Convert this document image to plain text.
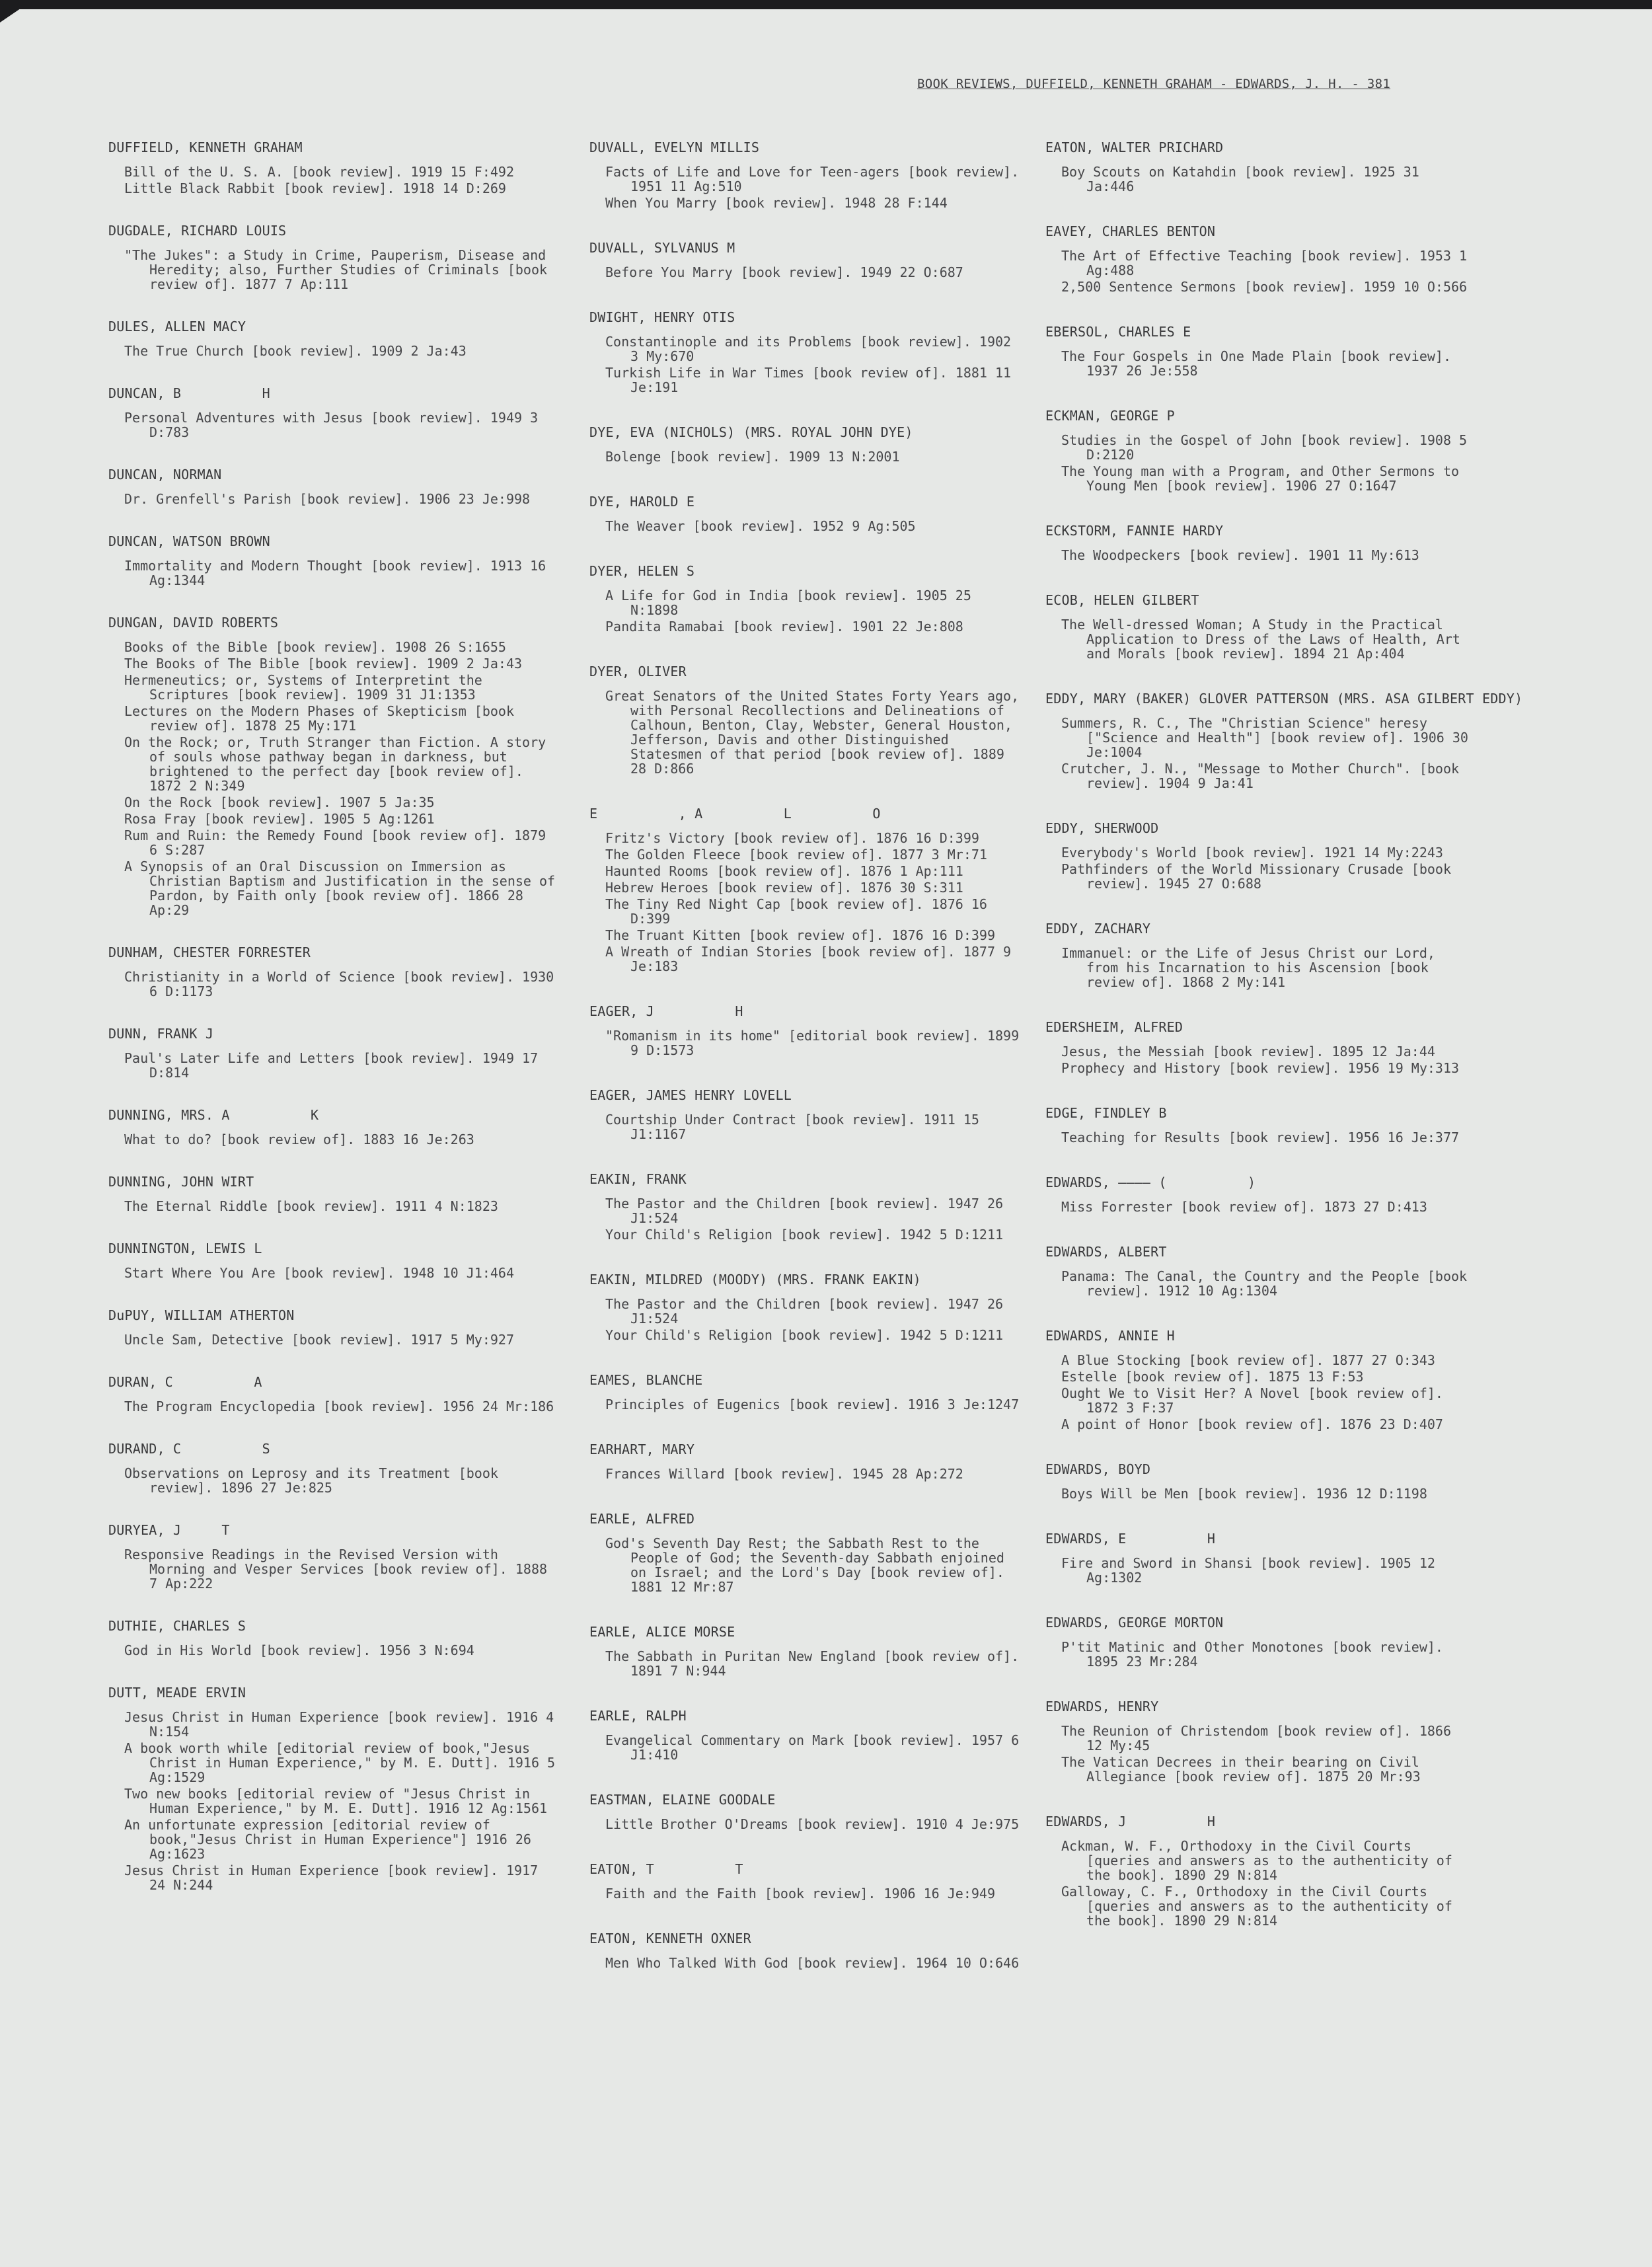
BOOK REVIEWS, DUFFIELD, KENNETH GRAHAM - EDWARDS, J. H. - 381
DUFFIELD, KENNETH GRAHAM
Bill of the U. S. A. [book review]. 1919 15 F:492
Little Black Rabbit [book review]. 1918 14 D:269
DUGDALE, RICHARD LOUIS
"The Jukes": a Study in Crime, Pauperism, Disease and Heredity; also, Further Studies of Criminals [book review of]. 1877 7 Ap:111
DULES, ALLEN MACY
The True Church [book review]. 1909 2 Ja:43
DUNCAN, B          H
Personal Adventures with Jesus [book review]. 1949 3 D:783
DUNCAN, NORMAN
Dr. Grenfell's Parish [book review]. 1906 23 Je:998
DUNCAN, WATSON BROWN
Immortality and Modern Thought [book review]. 1913 16 Ag:1344
DUNGAN, DAVID ROBERTS
Books of the Bible [book review]. 1908 26 S:1655
The Books of The Bible [book review]. 1909 2 Ja:43
Hermeneutics; or, Systems of Interpretint the Scriptures [book review]. 1909 31 J1:1353
Lectures on the Modern Phases of Skepticism [book review of]. 1878 25 My:171
On the Rock; or, Truth Stranger than Fiction. A story of souls whose pathway began in darkness, but brightened to the perfect day [book review of]. 1872 2 N:349
On the Rock [book review]. 1907 5 Ja:35
Rosa Fray [book review]. 1905 5 Ag:1261
Rum and Ruin: the Remedy Found [book review of]. 1879 6 S:287
A Synopsis of an Oral Discussion on Immersion as Christian Baptism and Justification in the sense of Pardon, by Faith only [book review of]. 1866 28 Ap:29
DUNHAM, CHESTER FORRESTER
Christianity in a World of Science [book review]. 1930 6 D:1173
DUNN, FRANK J
Paul's Later Life and Letters [book review]. 1949 17 D:814
DUNNING, MRS. A          K
What to do? [book review of]. 1883 16 Je:263
DUNNING, JOHN WIRT
The Eternal Riddle [book review]. 1911 4 N:1823
DUNNINGTON, LEWIS L
Start Where You Are [book review]. 1948 10 J1:464
DuPUY, WILLIAM ATHERTON
Uncle Sam, Detective [book review]. 1917 5 My:927
DURAN, C          A
The Program Encyclopedia [book review]. 1956 24 Mr:186
DURAND, C          S
Observations on Leprosy and its Treatment [book review]. 1896 27 Je:825
DURYEA, J     T
Responsive Readings in the Revised Version with Morning and Vesper Services [book review of]. 1888 7 Ap:222
DUTHIE, CHARLES S
God in His World [book review]. 1956 3 N:694
DUTT, MEADE ERVIN
Jesus Christ in Human Experience [book review]. 1916 4 N:154
A book worth while [editorial review of book,"Jesus Christ in Human Experience," by M. E. Dutt]. 1916 5 Ag:1529
Two new books [editorial review of "Jesus Christ in Human Experience," by M. E. Dutt]. 1916 12 Ag:1561
An unfortunate expression [editorial review of book,"Jesus Christ in Human Experience"] 1916 26 Ag:1623
Jesus Christ in Human Experience [book review]. 1917 24 N:244
DUVALL, EVELYN MILLIS
Facts of Life and Love for Teen-agers [book review]. 1951 11 Ag:510
When You Marry [book review]. 1948 28 F:144
DUVALL, SYLVANUS M
Before You Marry [book review]. 1949 22 O:687
DWIGHT, HENRY OTIS
Constantinople and its Problems [book review]. 1902 3 My:670
Turkish Life in War Times [book review of]. 1881 11 Je:191
DYE, EVA (NICHOLS) (MRS. ROYAL JOHN DYE)
Bolenge [book review]. 1909 13 N:2001
DYE, HAROLD E
The Weaver [book review]. 1952 9 Ag:505
DYER, HELEN S
A Life for God in India [book review]. 1905 25 N:1898
Pandita Ramabai [book review]. 1901 22 Je:808
DYER, OLIVER
Great Senators of the United States Forty Years ago, with Personal Recollections and Delineations of Calhoun, Benton, Clay, Webster, General Houston, Jefferson, Davis and other Distinguished Statesmen of that period [book review of]. 1889 28 D:866
E          , A          L          O
Fritz's Victory [book review of]. 1876 16 D:399
The Golden Fleece [book review of]. 1877 3 Mr:71
Haunted Rooms [book review of]. 1876 1 Ap:111
Hebrew Heroes [book review of]. 1876 30 S:311
The Tiny Red Night Cap [book review of]. 1876 16 D:399
The Truant Kitten [book review of]. 1876 16 D:399
A Wreath of Indian Stories [book review of]. 1877 9 Je:183
EAGER, J          H
"Romanism in its home" [editorial book review]. 1899 9 D:1573
EAGER, JAMES HENRY LOVELL
Courtship Under Contract [book review]. 1911 15 J1:1167
EAKIN, FRANK
The Pastor and the Children [book review]. 1947 26 J1:524
Your Child's Religion [book review]. 1942 5 D:1211
EAKIN, MILDRED (MOODY) (MRS. FRANK EAKIN)
The Pastor and the Children [book review]. 1947 26 J1:524
Your Child's Religion [book review]. 1942 5 D:1211
EAMES, BLANCHE
Principles of Eugenics [book review]. 1916 3 Je:1247
EARHART, MARY
Frances Willard [book review]. 1945 28 Ap:272
EARLE, ALFRED
God's Seventh Day Rest; the Sabbath Rest to the People of God; the Seventh-day Sabbath enjoined on Israel; and the Lord's Day [book review of]. 1881 12 Mr:87
EARLE, ALICE MORSE
The Sabbath in Puritan New England [book review of]. 1891 7 N:944
EARLE, RALPH
Evangelical Commentary on Mark [book review]. 1957 6 J1:410
EASTMAN, ELAINE GOODALE
Little Brother O'Dreams [book review]. 1910 4 Je:975
EATON, T          T
Faith and the Faith [book review]. 1906 16 Je:949
EATON, KENNETH OXNER
Men Who Talked With God [book review]. 1964 10 O:646
EATON, WALTER PRICHARD
Boy Scouts on Katahdin [book review]. 1925 31 Ja:446
EAVEY, CHARLES BENTON
The Art of Effective Teaching [book review]. 1953 1 Ag:488
2,500 Sentence Sermons [book review]. 1959 10 O:566
EBERSOL, CHARLES E
The Four Gospels in One Made Plain [book review]. 1937 26 Je:558
ECKMAN, GEORGE P
Studies in the Gospel of John [book review]. 1908 5 D:2120
The Young man with a Program, and Other Sermons to Young Men [book review]. 1906 27 O:1647
ECKSTORM, FANNIE HARDY
The Woodpeckers [book review]. 1901 11 My:613
ECOB, HELEN GILBERT
The Well-dressed Woman; A Study in the Practical Application to Dress of the Laws of Health, Art and Morals [book review]. 1894 21 Ap:404
EDDY, MARY (BAKER) GLOVER PATTERSON (MRS. ASA GILBERT EDDY)
Summers, R. C., The "Christian Science" heresy ["Science and Health"] [book review of]. 1906 30 Je:1004
Crutcher, J. N., "Message to Mother Church". [book review]. 1904 9 Ja:41
EDDY, SHERWOOD
Everybody's World [book review]. 1921 14 My:2243
Pathfinders of the World Missionary Crusade [book review]. 1945 27 O:688
EDDY, ZACHARY
Immanuel: or the Life of Jesus Christ our Lord, from his Incarnation to his Ascension [book review of]. 1868 2 My:141
EDERSHEIM, ALFRED
Jesus, the Messiah [book review]. 1895 12 Ja:44
Prophecy and History [book review]. 1956 19 My:313
EDGE, FINDLEY B
Teaching for Results [book review]. 1956 16 Je:377
EDWARDS, ———— (          )
Miss Forrester [book review of]. 1873 27 D:413
EDWARDS, ALBERT
Panama: The Canal, the Country and the People [book review]. 1912 10 Ag:1304
EDWARDS, ANNIE H
A Blue Stocking [book review of]. 1877 27 O:343
Estelle [book review of]. 1875 13 F:53
Ought We to Visit Her? A Novel [book review of]. 1872 3 F:37
A point of Honor [book review of]. 1876 23 D:407
EDWARDS, BOYD
Boys Will be Men [book review]. 1936 12 D:1198
EDWARDS, E          H
Fire and Sword in Shansi [book review]. 1905 12 Ag:1302
EDWARDS, GEORGE MORTON
P'tit Matinic and Other Monotones [book review]. 1895 23 Mr:284
EDWARDS, HENRY
The Reunion of Christendom [book review of]. 1866 12 My:45
The Vatican Decrees in their bearing on Civil Allegiance [book review of]. 1875 20 Mr:93
EDWARDS, J          H
Ackman, W. F., Orthodoxy in the Civil Courts [queries and answers as to the authenticity of the book]. 1890 29 N:814
Galloway, C. F., Orthodoxy in the Civil Courts [queries and answers as to the authenticity of the book]. 1890 29 N:814
